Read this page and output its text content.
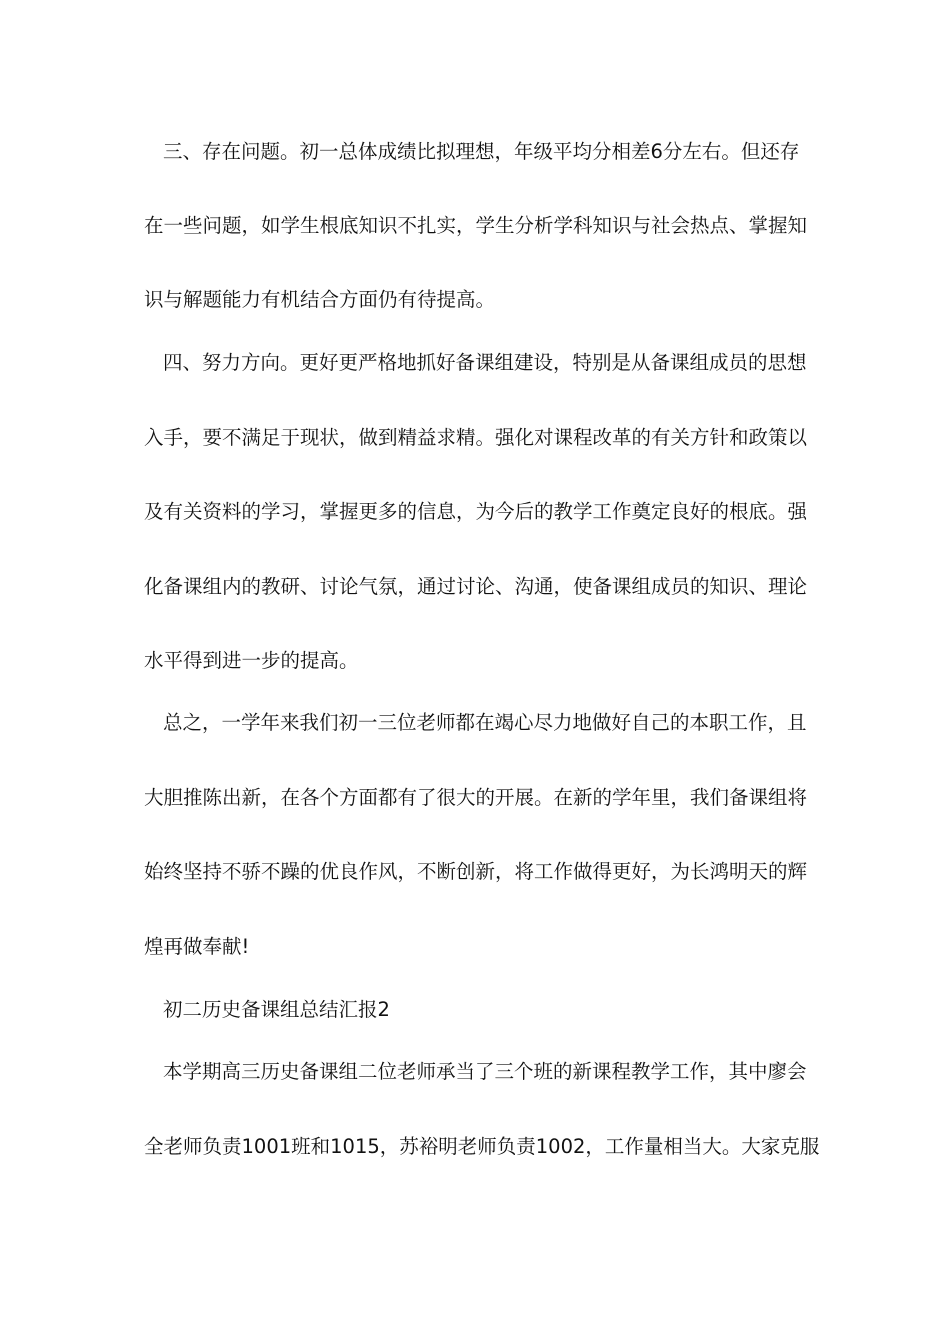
三、存在问题。初一总体成绩比拟理想，年级平均分相差6分左右。但还存
在一些问题，如学生根底知识不扎实，学生分析学科知识与社会热点、掌握知
识与解题能力有机结合方面仍有待提高。
四、努力方向。更好更严格地抓好备课组建设，特别是从备课组成员的思想
入手，要不满足于现状，做到精益求精。强化对课程改革的有关方针和政策以
及有关资料的学习，掌握更多的信息，为今后的教学工作奠定良好的根底。强
化备课组内的教研、讨论气氛，通过讨论、沟通，使备课组成员的知识、理论
水平得到进一步的提高。
总之，一学年来我们初一三位老师都在竭心尽力地做好自己的本职工作，且
大胆推陈出新，在各个方面都有了很大的开展。在新的学年里，我们备课组将
始终坚持不骄不躁的优良作风，不断创新，将工作做得更好，为长鸿明天的辉
煌再做奉献!
初二历史备课组总结汇报2
本学期高三历史备课组二位老师承当了三个班的新课程教学工作，其中廖会
全老师负责1001班和1015，苏裕明老师负责1002，工作量相当大。大家克服
